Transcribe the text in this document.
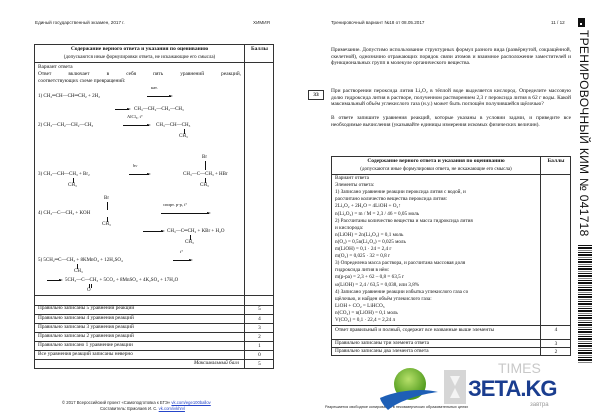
Единый государственный экзамен, 2017 г.	ХИМИЯ
Содержание верного ответа и указания по оцениванию
(допускаются иные формулировки ответа, не искажающие его смысла)
Баллы
Вариант ответа
Ответ включает в себя пять уравнений реакций,
соответствующих схеме превращений:
1) CH₂═CH—CH═CH₂ + 2H₂
кат.
CH₃—CH₂—CH₂—CH₃
2) CH₃—CH₂—CH₂—CH₃
AlCl₃, t°
→ CH₃—CH—CH₃
CH₃
3) CH₃—CH—CH₃ + Br₂
CH₃
hν
Br
CH₃—C—CH₃ + HBr
CH₃
Br
4) CH₃—C—CH₃ + KOH
CH₃
спирт. р-р, t°
CH₃—C═CH₂ + KBr + H₂O
CH₃
5) 5CH₂═C—CH₃ + 8KMnO₄ + 12H₂SO₄
CH₃
t°
5CH₃—C—CH₃ + 5CO₂ + 8MnSO₄ + 4K₂SO₄ + 17H₂O
O
Правильно записаны 5 уравнений реакций	5
Правильно записаны 4 уравнения реакций	4
Правильно записаны 3 уравнения реакций	3
Правильно записаны 2 уравнения реакций	2
Правильно записано 1 уравнение реакции	1
Все уравнения реакций записаны неверно	0
Максимальный балл	5
© 2017 Всероссийский проект «Самоподготовка к ЕГЭ» vk.com/ege100ballov
Составитель: Ермолаев И. С. vk.com/ivkhrvl
Тренировочный вариант №18 от 08.05.2017	11 / 12
Примечание. Допустимо использование структурных формул разного вида (развёрнутой, сокращённой, скелетной), однозначно отражающих порядок связи атомов и взаимное расположение заместителей и функциональных групп в молекуле органического вещества.
33
При растворении пероксида лития Li₂O₂ в тёплой воде выделяется кислород. Определите массовую долю гидроксида лития в растворе, полученном растворением 2,3 г пероксида лития в 62 г воды. Какой максимальный объём углекислого газа (н.у.) может быть поглощён получившейся щёлочью?
В ответе запишите уравнения реакций, которые указаны в условии задачи, и приведите все необходимые вычисления (указывайте единицы измерения искомых физических величин).
Содержание верного ответа и указания по оцениванию
(допускаются иные формулировки ответа, не искажающие его смысла)
Баллы
Вариант ответа
Элементы ответа:
1) Записано уравнение реакции пероксида лития с водой, и
рассчитано количество вещества пероксида лития:
2Li₂O₂ + 2H₂O = 4LiOH + O₂↑
n(Li₂O₂) = m / M = 2,3 / 46 = 0,05 моль
2) Рассчитаны количество вещества и масса гидроксида лития
и кислорода:
n(LiOH) = 2n(Li₂O₂) = 0,1 моль
n(O₂) = 0,5n(Li₂O₂) = 0,025 моль
m(LiOH) = 0,1 · 24 = 2,4 г
m(O₂) = 0,025 · 32 = 0,8 г
3) Определена масса раствора, и рассчитана массовая доля
гидроксида лития в нём:
m(р-ра) = 2,3 + 62 – 0,8 = 63,5 г
ω(LiOH) = 2,4 / 63,5 = 0,038, или 3,8%
4) Записано уравнение реакции избытка углекислого газа со
щёлочью, и найден объём углекислого газа:
LiOH + CO₂ = LiHCO₃
n(CO₂) = n(LiOH) = 0,1 моль
V(CO₂) = 0,1 · 22,4 = 2,24 л
Ответ правильный и полный, содержит все названные выше элементы	4
Правильно записаны три элемента ответа	3
Правильно записаны два элемента ответа	2
Разрешается свободное копирование в некоммерческих образовательных целях
ТРЕНИРОВОЧНЫЙ КИМ № 041718
ЗЕТА.KG
TIMES
завтра
